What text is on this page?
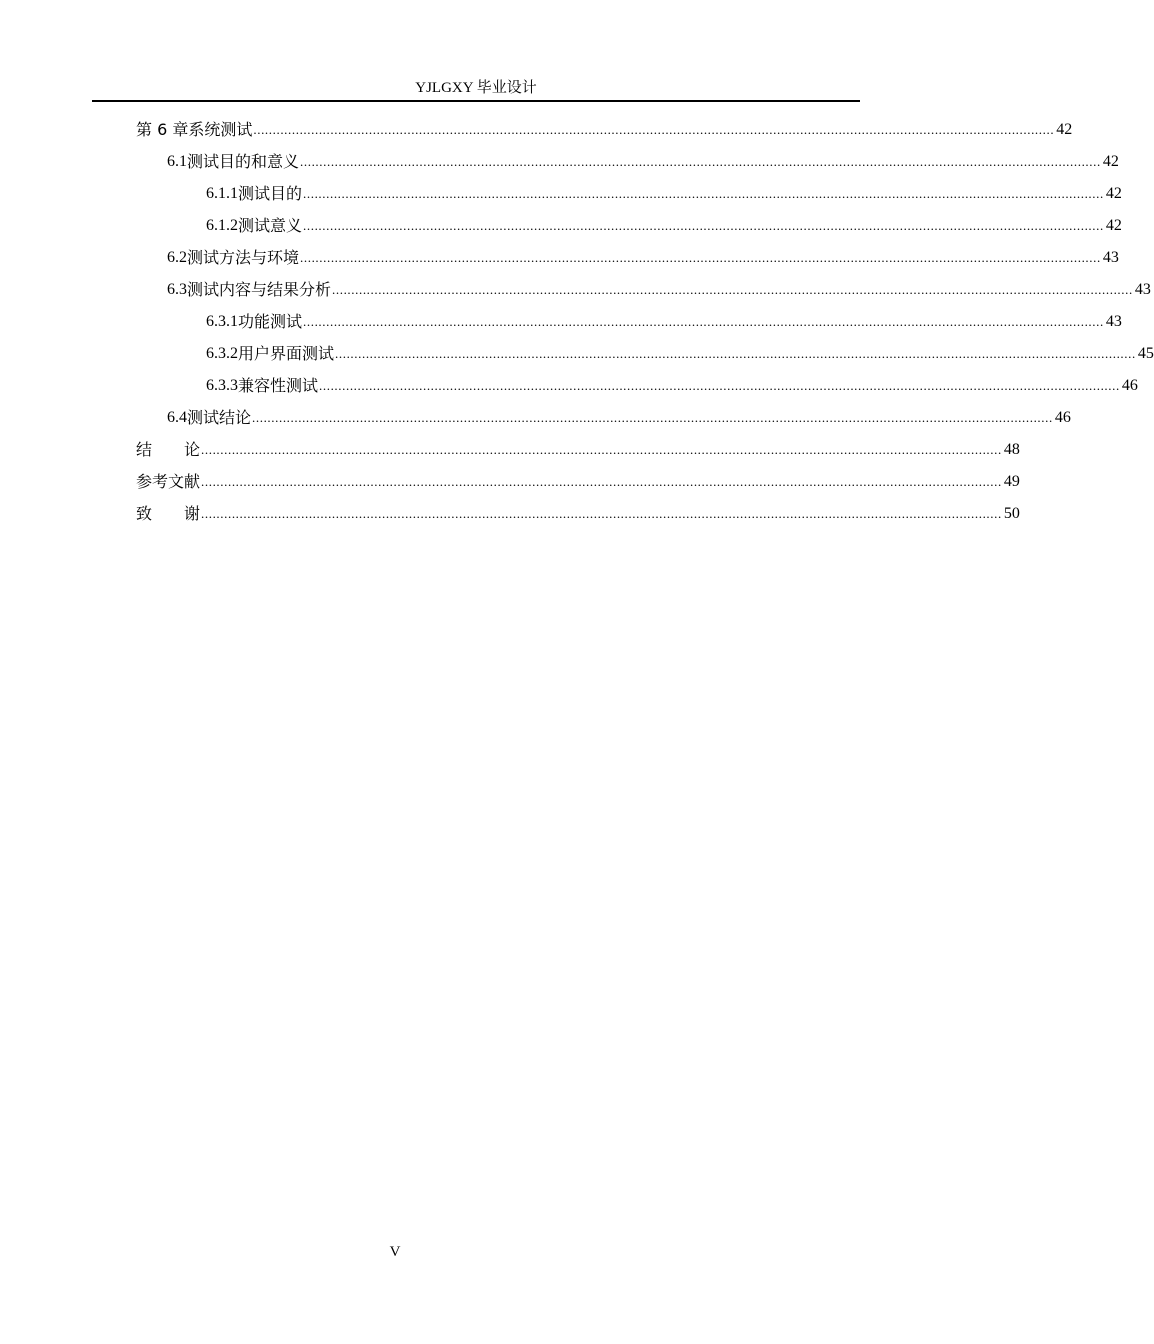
YJLGXY 毕业设计
第 6 章 系统测试 ................................................................................................................................................................................................................ 42
6.1 测试目的和意义 ................................................................................................................................................................................................................ 42
6.1.1 测试目的 ................................................................................................................................................................................................................ 42
6.1.2 测试意义 ................................................................................................................................................................................................................ 42
6.2 测试方法与环境 ................................................................................................................................................................................................................ 43
6.3 测试内容与结果分析 ................................................................................................................................................................................................................ 43
6.3.1 功能测试 ................................................................................................................................................................................................................ 43
6.3.2 用户界面测试 ................................................................................................................................................................................................................ 45
6.3.3 兼容性测试 ................................................................................................................................................................................................................ 46
6.4 测试结论 ................................................................................................................................................................................................................ 46
结　　论 ................................................................................................................................................................................................................ 48
参考文献 ................................................................................................................................................................................................................ 49
致　　谢 ................................................................................................................................................................................................................ 50
V
